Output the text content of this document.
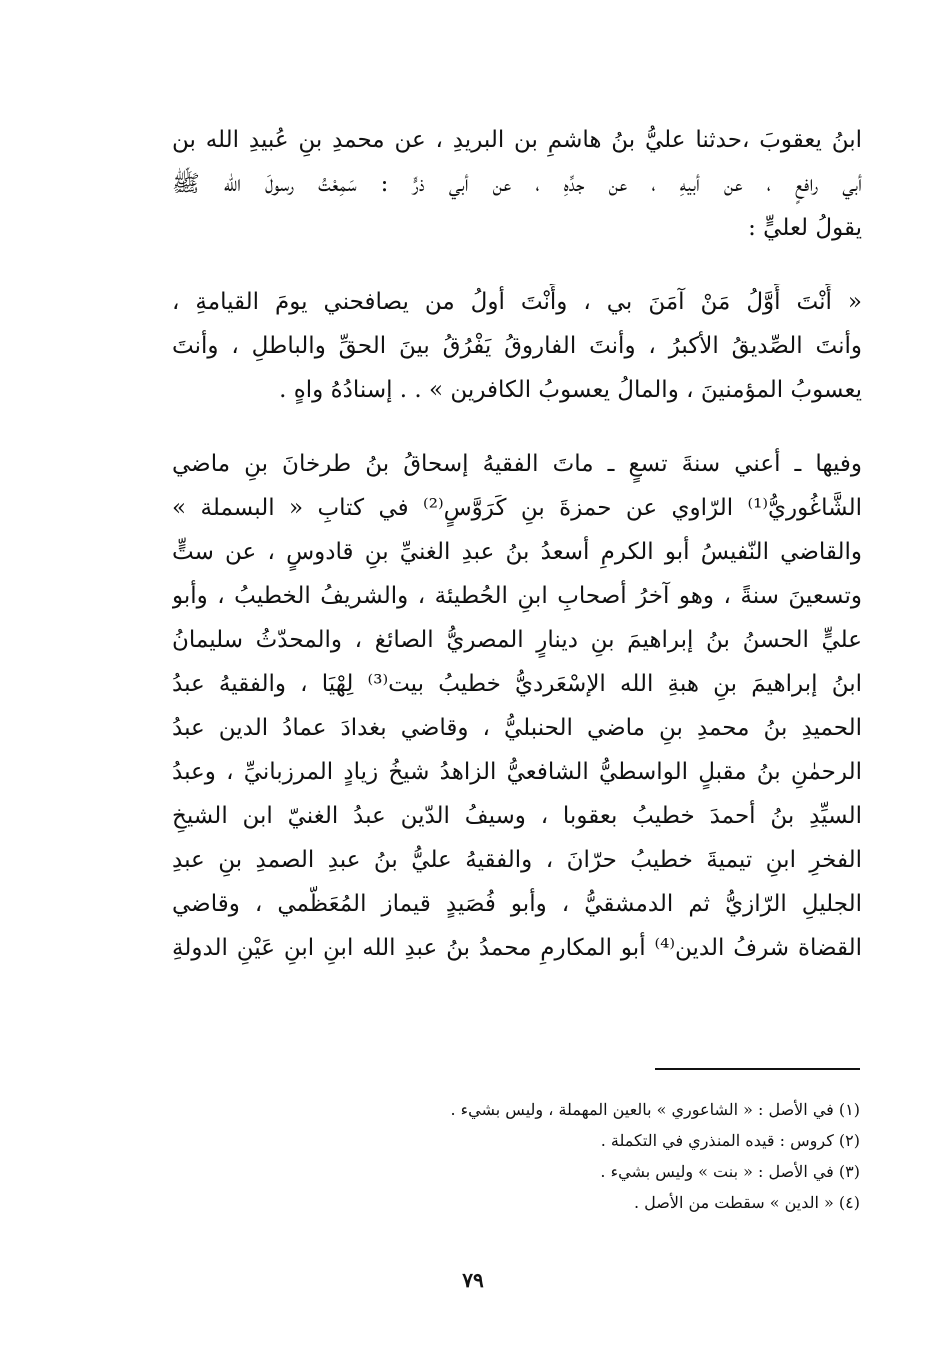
ابنُ يعقوبَ ،حدثنا عليُّ بنُ هاشمِ بن البريدِ ، عن محمدِ بنِ عُبيدِ الله بن
أبي رافعٍ ، عن أبيهِ ، عن جدِّهِ ، عن أبي ذرٍّ : سَمِعْتُ رسولَ الله ﷺ
يقولُ لعليٍّ :
« أَنْتَ أَوَّلُ مَنْ آمَنَ بي ، وأَنْتَ أولُ من يصافحني يومَ القيامةِ ،
وأنتَ الصِّديقُ الأكبرُ ، وأنتَ الفاروقُ يَفْرُقُ بينَ الحقِّ والباطلِ ، وأنتَ
يعسوبُ المؤمنينَ ، والمالُ يعسوبُ الكافرين » . . إسنادُهُ واهٍ .
وفيها ـ أعني سنةَ تسعٍ ـ ماتَ الفقيهُ إسحاقُ بنُ طرخانَ بنِ ماضي
الشَّاغُوريُّ⁽¹⁾ الرّاوي عن حمزةَ بنِ كَرَوَّسٍ⁽²⁾ في كتابِ « البسملة »
والقاضي النّفيسُ أبو الكرمِ أسعدُ بنُ عبدِ الغنيِّ بنِ قادوسٍ ، عن ستٍّ
وتسعينَ سنةً ، وهو آخرُ أصحابِ ابنِ الحُطيئة ، والشريفُ الخطيبُ ، وأبو
عليٍّ الحسنُ بنُ إبراهيمَ بنِ دينارٍ المصريُّ الصائغ ، والمحدّثُ سليمانُ
ابنُ إبراهيمَ بنِ هبةِ الله الإسْعَرديُّ خطيبُ بيت⁽³⁾ لِهْيَا ، والفقيهُ عبدُ
الحميدِ بنُ محمدِ بنِ ماضي الحنبليُّ ، وقاضي بغدادَ عمادُ الدين عبدُ
الرحمٰنِ بنُ مقبلٍ الواسطيُّ الشافعيُّ الزاهدُ شيخُ زيادٍ المرزبانيِّ ، وعبدُ
السيِّدِ بنُ أحمدَ خطيبُ بعقوبا ، وسيفُ الدّين عبدُ الغنيّ ابن الشيخِ
الفخرِ ابنِ تيميةَ خطيبُ حرّانَ ، والفقيهُ عليُّ بنُ عبدِ الصمدِ بنِ عبدِ
الجليلِ الرّازيُّ ثم الدمشقيُّ ، وأبو فُصَيدٍ قيماز المُعَظَّمي ، وقاضي
القضاة شرفُ الدين⁽⁴⁾ أبو المكارمِ محمدُ بنُ عبدِ الله ابنِ ابنِ عَيْنِ الدولةِ
(١) في الأصل : « الشاعوري » بالعين المهملة ، وليس بشيء .
(٢) كروس : قيده المنذري في التكملة .
(٣) في الأصل : « بنت » وليس بشيء .
(٤) « الدين » سقطت من الأصل .
٧٩
